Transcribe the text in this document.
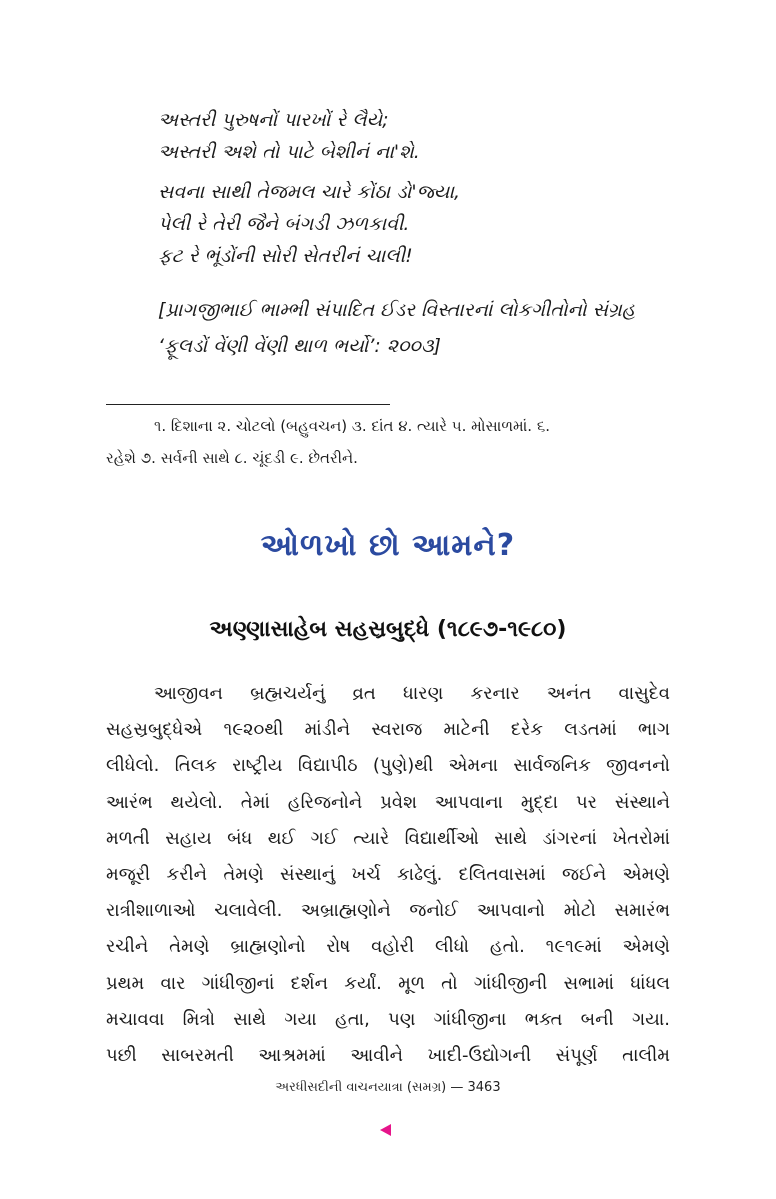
અસ્તરી પુરુષનોં પારખોં રે લૈયે;
અસ્તરી અશે તો પાટે બેશીનં ના'શે.
સવના સાથી તેજમલ ચારે કોંઠા ડો'જ્યા,
પેલી રે તેરી જૈને બંગડી ઝળકાવી.
ફટ રે ભૂંડોંની સોરી સેતરીનં ચાલી!
[પ્રાગજીભાઈ ભામ્ભી સંપાદિત ઈડર વિસ્તારનાં લોકગીતોનો સંગ્રહ
‘ફૂલડોં વેંણી વેંણી થાળ ભર્યો’: ૨૦૦૩]
૧. દિશાના ૨. ચોટલો (બહુવચન) ૩. દાંત ૪. ત્યારે ૫. મોસાળમાં. ૬.
રહેશે ૭. સર્વની સાથે ૮. ચૂંદડી ૯. છેતરીને.
ઓળખો છો આમને?
અણ્ણાસાહેબ સહસ્રબુદ્ધે (૧૮૯૭-૧૯૮૦)
આજીવન બ્રહ્મચર્યનું વ્રત ધારણ કરનાર અનંત વાસુદેવ
સહસ્રબુદ્ધેએ ૧૯૨૦થી માંડીને સ્વરાજ માટેની દરેક લડતમાં ભાગ
લીધેલો. તિલક રાષ્ટ્રીય વિદ્યાપીઠ (પુણે)થી એમના સાર્વજનિક જીવનનો
આરંભ થયેલો. તેમાં હરિજનોને પ્રવેશ આપવાના મુદ્દા પર સંસ્થાને
મળતી સહાય બંધ થઈ ગઈ ત્યારે વિદ્યાર્થીઓ સાથે ડાંગરનાં ખેતરોમાં
મજૂરી કરીને તેમણે સંસ્થાનું ખર્ચ કાઢેલું. દલિતવાસમાં જઈને એમણે
રાત્રીશાળાઓ ચલાવેલી. અબ્રાહ્મણોને જનોઈ આપવાનો મોટો સમારંભ
રચીને તેમણે બ્રાહ્મણોનો રોષ વહોરી લીધો હતો. ૧૯૧૯માં એમણે
પ્રથમ વાર ગાંધીજીનાં દર્શન કર્યાં. મૂળ તો ગાંધીજીની સભામાં ધાંધલ
મચાવવા મિત્રો સાથે ગયા હતા, પણ ગાંધીજીના ભક્ત બની ગયા.
પછી સાબરમતી આશ્રમમાં આવીને ખાદી-ઉદ્યોગની સંપૂર્ણ તાલીમ
અરધીસદીની વાચનયાત્રા (સમગ્ર) — 3463
